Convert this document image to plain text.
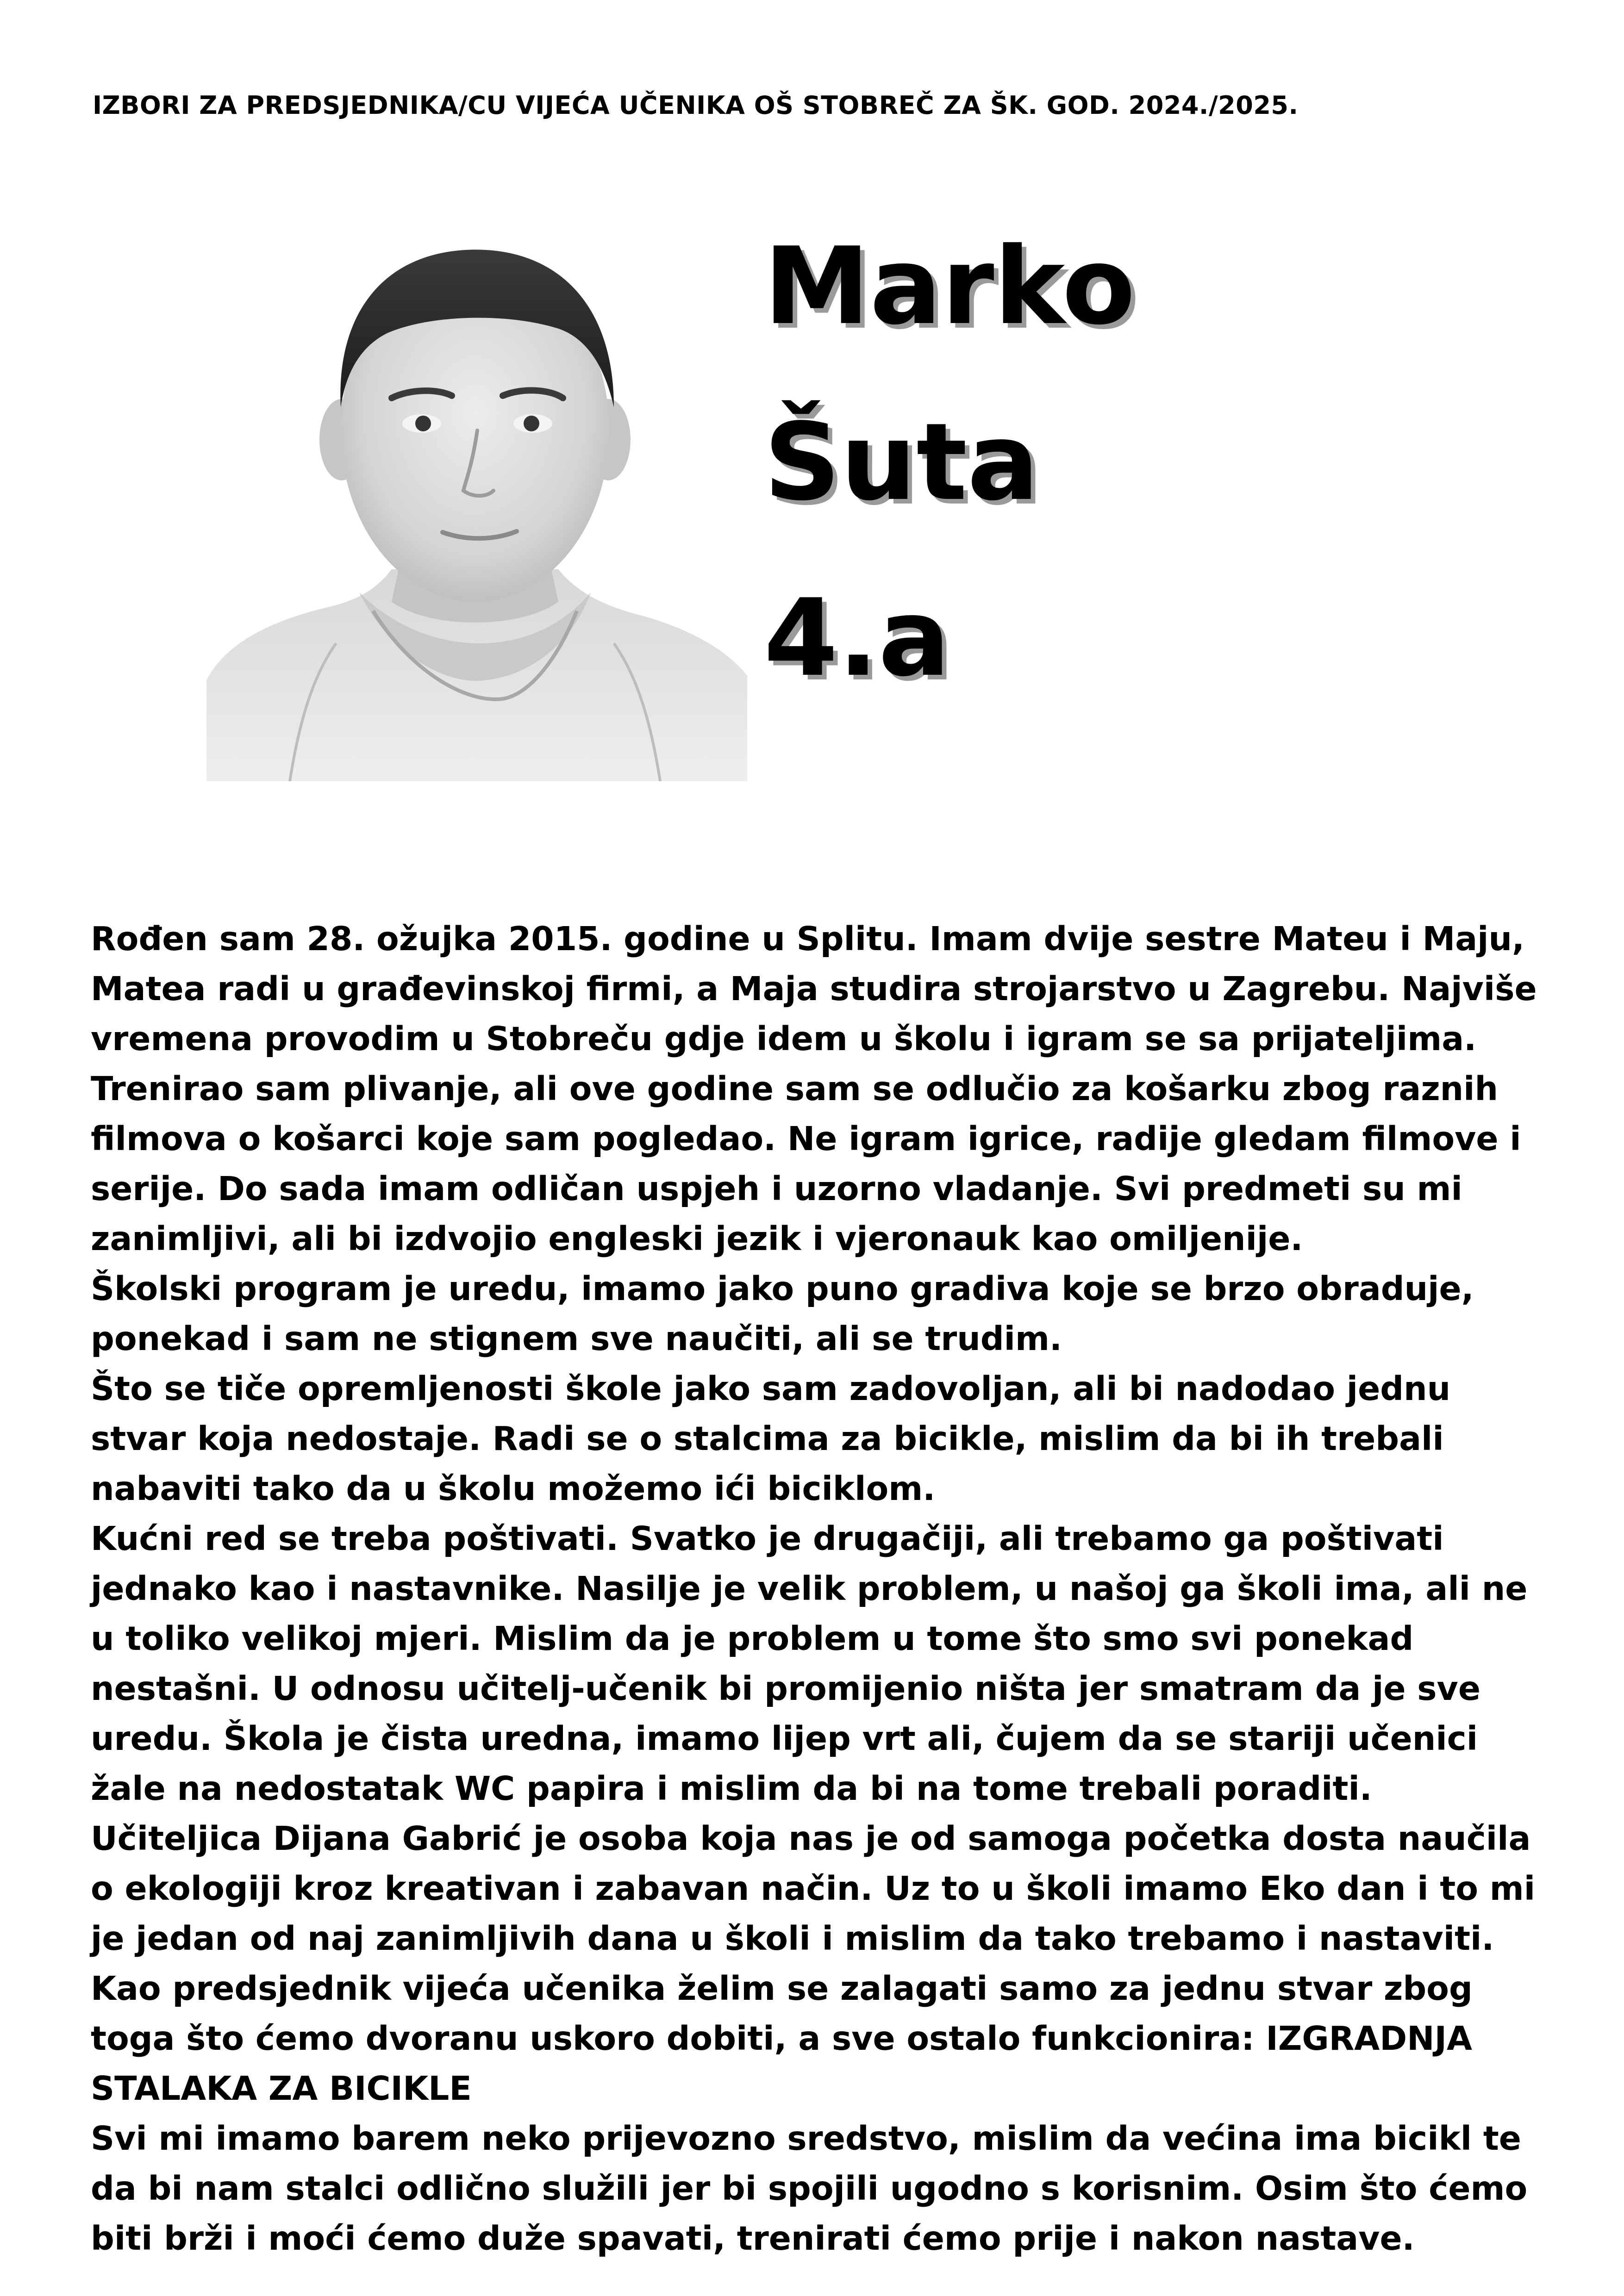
IZBORI ZA PREDSJEDNIKA/CU VIJEĆA UČENIKA OŠ STOBREČ ZA ŠK. GOD. 2024./2025.
Marko
Šuta
4.a

Rođen sam 28. ožujka 2015. godine u Splitu. Imam dvije sestre Mateu i Maju, Matea radi u građevinskoj firmi, a Maja studira strojarstvo u Zagrebu. Najviše vremena provodim u Stobreču gdje idem u školu i igram se sa prijateljima. Trenirao sam plivanje, ali ove godine sam se odlučio za košarku zbog raznih filmova o košarci koje sam pogledao. Ne igram igrice, radije gledam filmove i serije. Do sada imam odličan uspjeh i uzorno vladanje. Svi predmeti su mi zanimljivi, ali bi izdvojio engleski jezik i vjeronauk kao omiljenije.

Školski program je uredu, imamo jako puno gradiva koje se brzo obraduje, ponekad i sam ne stignem sve naučiti, ali se trudim.

Što se tiče opremljenosti škole jako sam zadovoljan, ali bi nadodao jednu stvar koja nedostaje. Radi se o stalcima za bicikle, mislim da bi ih trebali nabaviti tako da u školu možemo ići biciklom.

Kućni red se treba poštivati. Svatko je drugačiji, ali trebamo ga poštivati jednako kao i nastavnike. Nasilje je velik problem, u našoj ga školi ima, ali ne u toliko velikoj mjeri. Mislim da je problem u tome što smo svi ponekad nestašni. U odnosu učitelj-učenik bi promijenio ništa jer smatram da je sve uredu. Škola je čista uredna, imamo lijep vrt ali, čujem da se stariji učenici žale na nedostatak WC papira i mislim da bi na tome trebali poraditi.

Učiteljica Dijana Gabrić je osoba koja nas je od samoga početka dosta naučila o ekologiji kroz kreativan i zabavan način. Uz to u školi imamo Eko dan i to mi je jedan od naj zanimljivih dana u školi i mislim da tako trebamo i nastaviti.

Kao predsjednik vijeća učenika želim se zalagati samo za jednu stvar zbog toga što ćemo dvoranu uskoro dobiti, a sve ostalo funkcionira: IZGRADNJA STALAKA ZA BICIKLE

Svi mi imamo barem neko prijevozno sredstvo, mislim da većina ima bicikl te da bi nam stalci odlično služili jer bi spojili ugodno s korisnim. Osim što ćemo biti brži i moći ćemo duže spavati, trenirati ćemo prije i nakon nastave.
